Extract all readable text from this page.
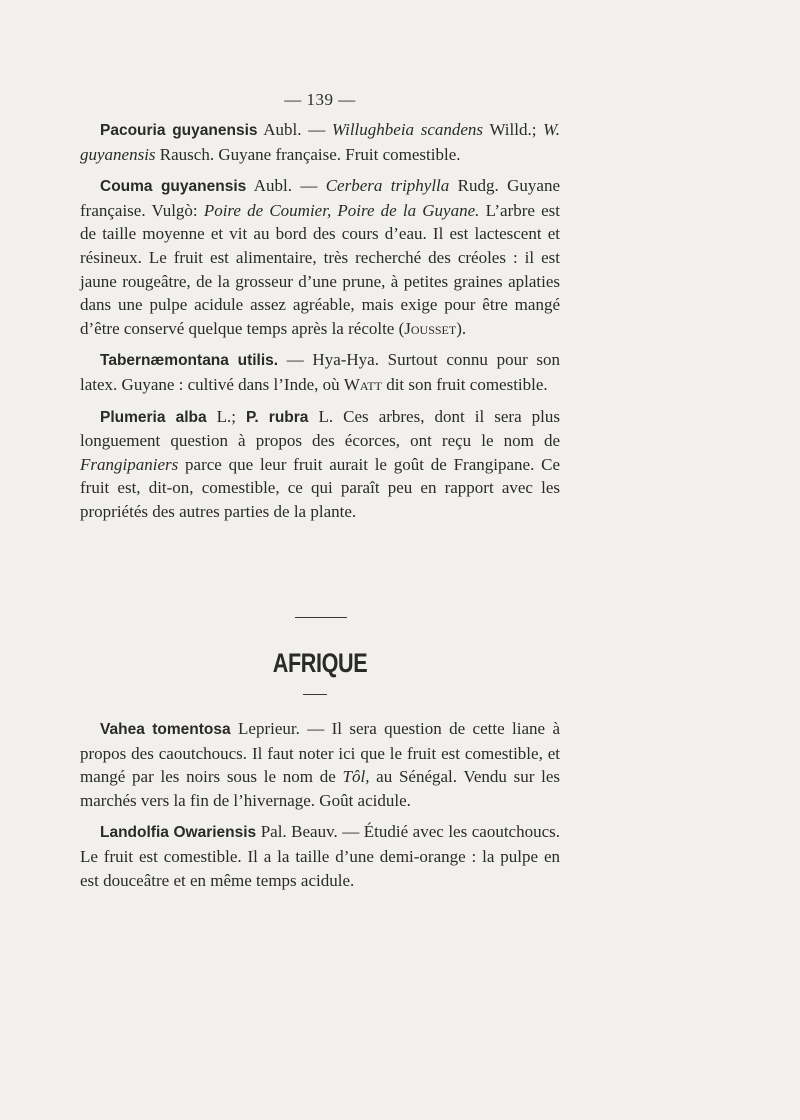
— 139 —

Pacouria guyanensis Aubl. — Willughbeia scandens Willd.; W. guyanensis Rausch. Guyane française. Fruit comestible.

Couma guyanensis Aubl. — Cerbera triphylla Rudg. Guyane française. Vulgò: Poire de Coumier, Poire de la Guyane. L’arbre est de taille moyenne et vit au bord des cours d’eau. Il est lactescent et résineux. Le fruit est alimentaire, très recherché des créoles : il est jaune rougeâtre, de la grosseur d’une prune, à petites graines aplaties dans une pulpe acidule assez agréable, mais exige pour être mangé d’être conservé quelque temps après la récolte (Jousset).

Tabernæmontana utilis. — Hya-Hya. Surtout connu pour son latex. Guyane : cultivé dans l’Inde, où Watt dit son fruit comestible.

Plumeria alba L.; P. rubra L. Ces arbres, dont il sera plus longuement question à propos des écorces, ont reçu le nom de Frangipaniers parce que leur fruit aurait le goût de Frangipane. Ce fruit est, dit-on, comestible, ce qui paraît peu en rapport avec les propriétés des autres parties de la plante.

AFRIQUE

Vahea tomentosa Leprieur. — Il sera question de cette liane à propos des caoutchoucs. Il faut noter ici que le fruit est comestible, et mangé par les noirs sous le nom de Tôl, au Sénégal. Vendu sur les marchés vers la fin de l’hivernage. Goût acidule.

Landolfia Owariensis Pal. Beauv. — Étudié avec les caoutchoucs. Le fruit est comestible. Il a la taille d’une demi-orange : la pulpe en est douceâtre et en même temps acidule.
